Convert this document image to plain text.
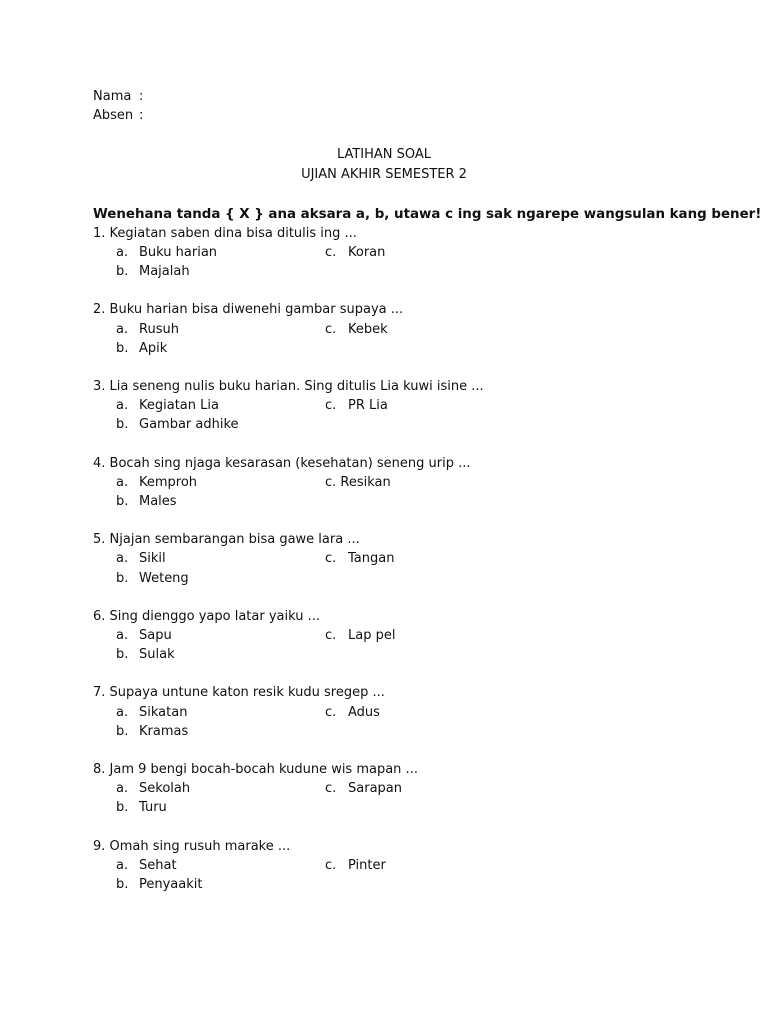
Nama :
Absen :
LATIHAN SOAL
UJIAN AKHIR SEMESTER 2
Wenehana tanda { X } ana aksara a, b, utawa c ing sak ngarepe wangsulan kang bener!
1. Kegiatan saben dina bisa ditulis ing ...
a. Buku harian	c. Koran
b. Majalah
2. Buku harian bisa diwenehi gambar supaya ...
a. Rusuh	c. Kebek
b. Apik
3. Lia seneng nulis buku harian. Sing ditulis Lia kuwi isine ...
a. Kegiatan Lia	c. PR Lia
b. Gambar adhike
4. Bocah sing njaga kesarasan (kesehatan) seneng urip ...
a. Kemproh	c. Resikan
b. Males
5. Njajan sembarangan bisa gawe lara ...
a. Sikil	c. Tangan
b. Weteng
6. Sing dienggo yapo latar yaiku ...
a. Sapu	c. Lap pel
b. Sulak
7. Supaya untune katon resik kudu sregep ...
a. Sikatan	c. Adus
b. Kramas
8. Jam 9 bengi bocah-bocah kudune wis mapan ...
a. Sekolah	c. Sarapan
b. Turu
9. Omah sing rusuh marake ...
a. Sehat	c. Pinter
b. Penyaakit
